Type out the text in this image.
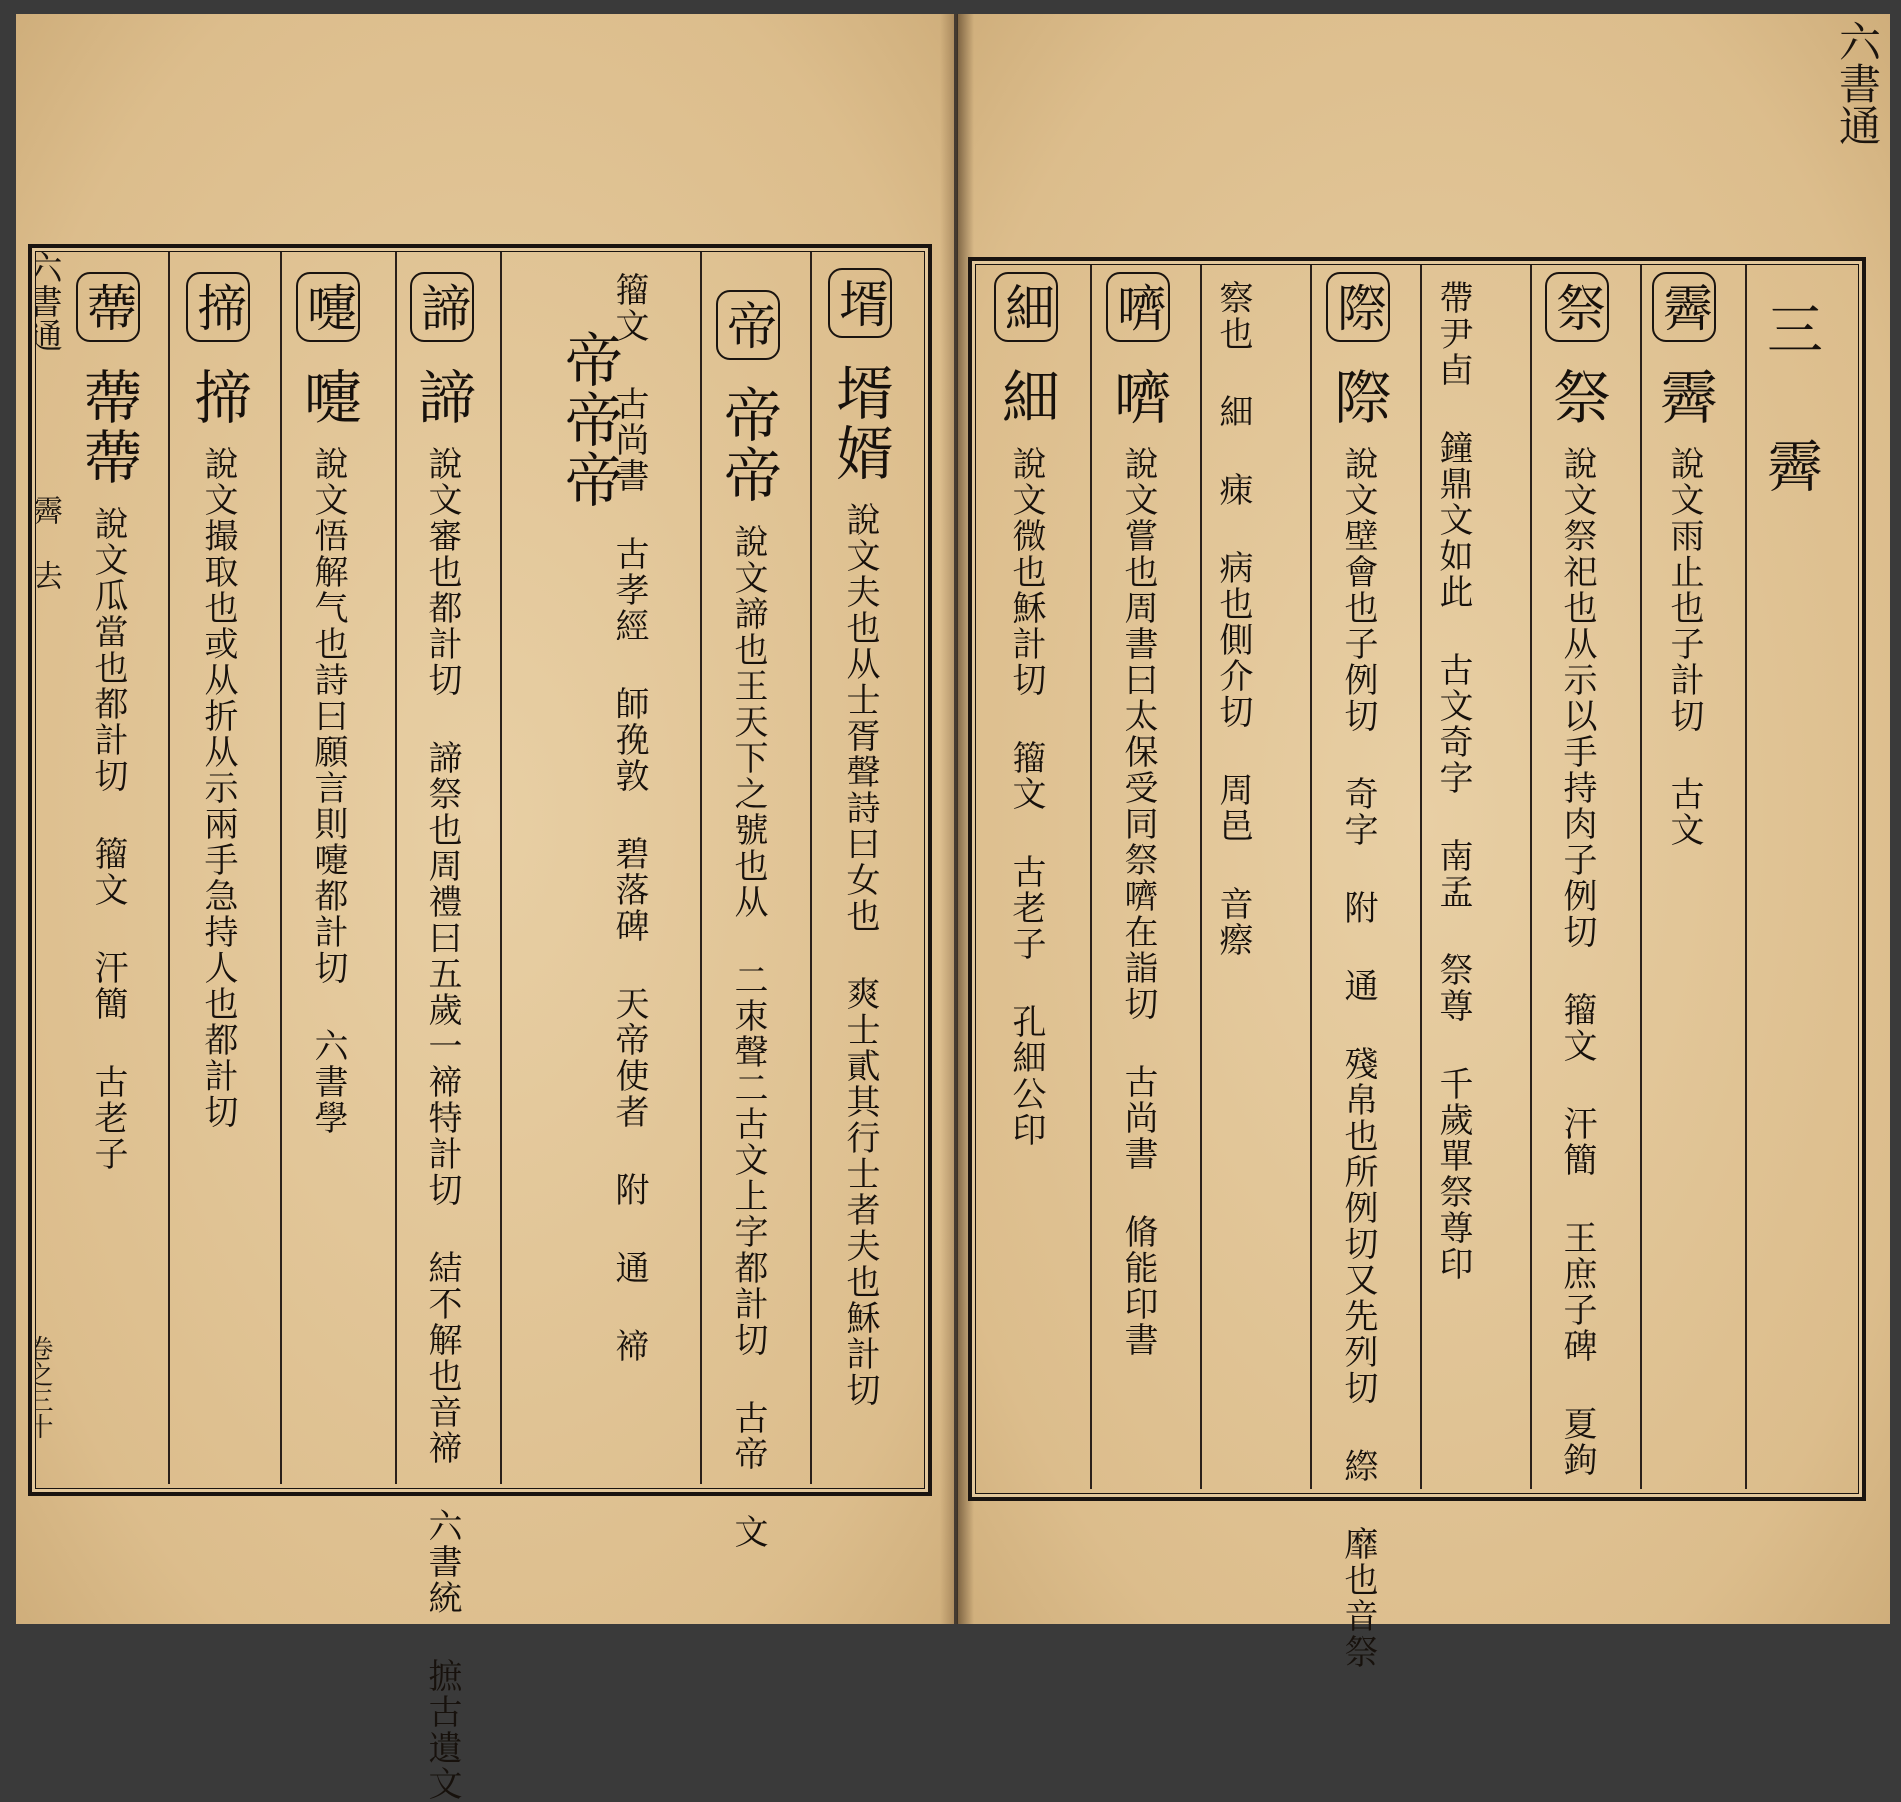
六書通
六書通
霽
去
卷之三十
壻 壻婿 說文夫也从士胥聲詩曰女也 爽士貳其行士者夫也穌計切
帝 帝帝 說文諦也王天下之號也从 二朿聲二古文上字都計切 古帝 文
籀文 古尚書 古孝經 師㝃敦 碧落碑 天帝使者 附 通 褅
帝帝帝
諦 諦 說文審也都計切 諦祭也周禮曰五歲一禘特計切 結不解也音禘 六書統 摭古遺文
嚏 嚏 說文悟解气也詩曰願言則嚏都計切 六書學
揥 揥 說文撮取也或从折从示兩手急持人也都計切
蔕 蔕蔕 說文瓜當也都計切 籀文 汗簡 古老子
三 霽
霽 霽 說文雨止也子計切 古文
祭 祭 說文祭祀也从示以手持肉子例切 籀文 汗簡 王庶子碑 夏鉤
帶尹卣 鐘鼎文如此 古文奇字 南孟 祭尊 千歲單祭尊印
際 際 說文壁會也子例切 奇字 附 通 殘帛也所例切又先列切 縩 靡也音祭
察也 細 㾊 病也側介切 周邑 音瘵
嚌 嚌 說文嘗也周書曰太保受同祭嚌在詣切 古尚書 脩能印書
細 細 說文微也穌計切 籀文 古老子 孔細公印
